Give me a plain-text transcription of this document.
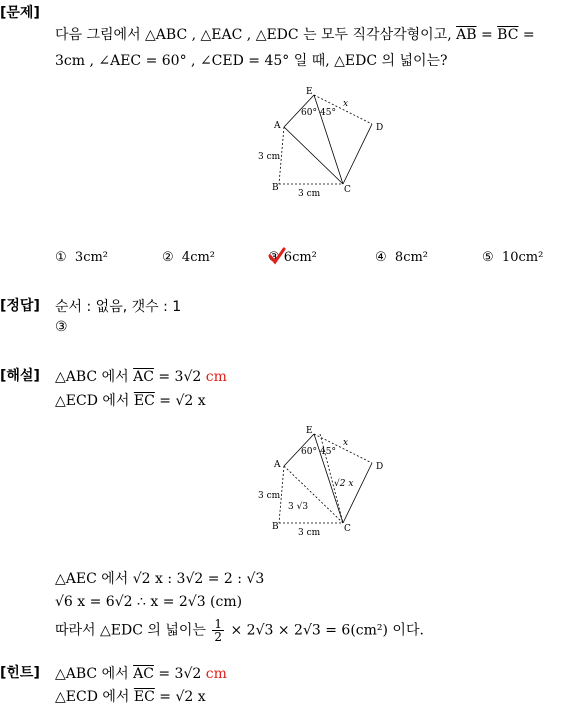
[문제]
다음 그림에서 △ABC , △EAC , △EDC 는 모두 직각삼각형이고, $\overline{AB} = \overline{BC}$ =
3cm , ∠AEC = 60° , ∠CED = 45° 일 때, △EDC 의 넓이는?
E
A	D
B	C
60° 45°
x
3 cm
3 cm
① 3cm²	② 4cm²	③ 6cm²	④ 8cm²	⑤ 10cm²
[정답] 순서 : 없음, 갯수 : 1
③
[해설] △ABC 에서 $\overline{AC} = 3√2$ cm
△ECD 에서 $\overline{EC} = √2$ x
E
A	D
B	C
60° 45°
x
√2 x
3 √3
3 cm
3 cm
△AEC 에서 √2 x : 3√2 = 2 : √3
√6 x = 6√2 ∴ x = 2√3 (cm)
따라서 △EDC 의 넓이는 $\frac{1}{2} \times 2√3 \times 2√3 = 6(cm^2)$ 이다.
[힌트] △ABC 에서 $\overline{AC} = 3√2$ cm
△ECD 에서 $\overline{EC} = √2$ x
